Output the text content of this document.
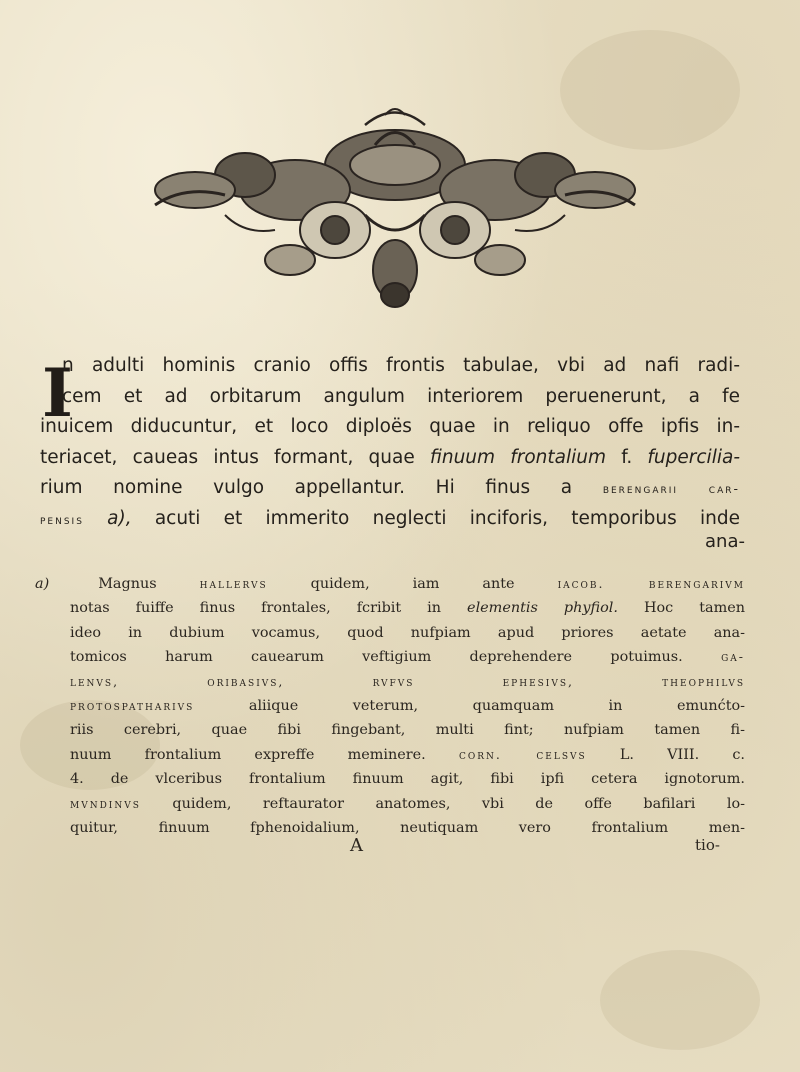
I
n adulti hominis cranio offis frontis tabulae, vbi ad nafi radi-
cem et ad orbitarum angulum interiorem peruenerunt, a fe
inuicem diducuntur, et loco diploës quae in reliquo offe ipfis in-
teriacet, caueas intus formant, quae finuum frontalium f. fupercilia-
rium nomine vulgo appellantur. Hi finus a berengarii car-
pensis a), acuti et immerito neglecti inciforis, temporibus inde
ana-
a)	Magnus	hallervs	quidem, iam ante	iacob. berengarivm
notas fuiffe finus frontales, fcribit in elementis phyfiol. Hoc tamen
ideo in dubium vocamus, quod nufpiam apud priores aetate ana-
tomicos harum cauearum veftigium deprehendere potuimus.	ga-
lenvs, oribasivs, rvfvs ephesivs, theophilvs
protospatharivs	aliique veterum, quamquam in emunćto-
riis cerebri, quae fibi fingebant, multi fint; nufpiam tamen fi-
nuum frontalium expreffe meminere.	corn. celsvs L. VIII. c.
4. de vlceribus frontalium finuum agit, fibi ipfi cetera ignotorum.
mvndinvs quidem, reftaurator anatomes, vbi de offe bafilari lo-
quitur, finuum fphenoidalium, neutiquam vero frontalium men-
A	tio-
